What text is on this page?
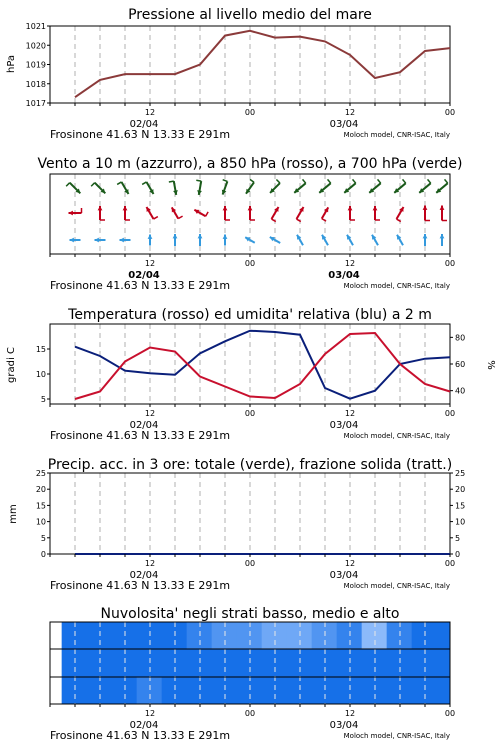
Pressione al livello medio del mare
1017
1018
1019
1020
1021
hPa
12	00	12	00
02/04	03/04
Frosinone 41.63 N 13.33 E 291m	Moloch model, CNR-ISAC, Italy
Vento a 10 m (azzurro), a 850 hPa (rosso), a 700 hPa (verde)
12	00	12	00
02/04	03/04
Frosinone 41.63 N 13.33 E 291m	Moloch model, CNR-ISAC, Italy
Temperatura (rosso) ed umidita' relativa (blu) a 2 m
5
10
15
40
60
80
gradi C	%
12	00	12	00
02/04	03/04
Frosinone 41.63 N 13.33 E 291m	Moloch model, CNR-ISAC, Italy
Precip. acc. in 3 ore: totale (verde), frazione solida (tratt.)
0
5
10
15
20
25
0
5
10
15
20
25
mm
12	00	12	00
02/04	03/04
Frosinone 41.63 N 13.33 E 291m	Moloch model, CNR-ISAC, Italy
Nuvolosita' negli strati basso, medio e alto
12	00	12	00
02/04	03/04
Frosinone 41.63 N 13.33 E 291m	Moloch model, CNR-ISAC, Italy
